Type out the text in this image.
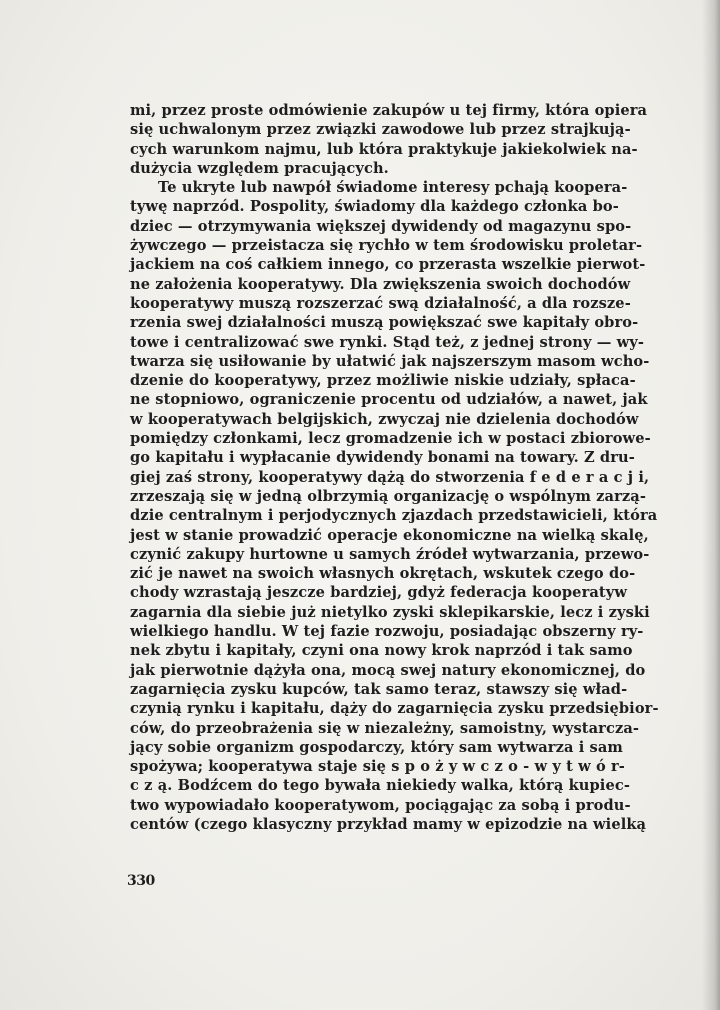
mi, przez proste odmówienie zakupów u tej firmy, która opiera
się uchwalonym przez związki zawodowe lub przez strajkują-
cych warunkom najmu, lub która praktykuje jakiekolwiek na-
dużycia względem pracujących.
Te ukryte lub nawpół świadome interesy pchają koopera-
tywę naprzód. Pospolity, świadomy dla każdego członka bo-
dziec — otrzymywania większej dywidendy od magazynu spo-
żywczego — przeistacza się rychło w tem środowisku proletar-
jackiem na coś całkiem innego, co przerasta wszelkie pierwot-
ne założenia kooperatywy. Dla zwiększenia swoich dochodów
kooperatywy muszą rozszerzać swą działalność, a dla rozsze-
rzenia swej działalności muszą powiększać swe kapitały obro-
towe i centralizować swe rynki. Stąd też, z jednej strony — wy-
twarza się usiłowanie by ułatwić jak najszerszym masom wcho-
dzenie do kooperatywy, przez możliwie niskie udziały, spłaca-
ne stopniowo, ograniczenie procentu od udziałów, a nawet, jak
w kooperatywach belgijskich, zwyczaj nie dzielenia dochodów
pomiędzy członkami, lecz gromadzenie ich w postaci zbiorowe-
go kapitału i wypłacanie dywidendy bonami na towary. Z dru-
giej zaś strony, kooperatywy dążą do stworzenia f e d e r a c j i,
zrzeszają się w jedną olbrzymią organizację o wspólnym zarzą-
dzie centralnym i perjodycznych zjazdach przedstawicieli, która
jest w stanie prowadzić operacje ekonomiczne na wielką skalę,
czynić zakupy hurtowne u samych źródeł wytwarzania, przewo-
zić je nawet na swoich własnych okrętach, wskutek czego do-
chody wzrastają jeszcze bardziej, gdyż federacja kooperatyw
zagarnia dla siebie już nietylko zyski sklepikarskie, lecz i zyski
wielkiego handlu. W tej fazie rozwoju, posiadając obszerny ry-
nek zbytu i kapitały, czyni ona nowy krok naprzód i tak samo
jak pierwotnie dążyła ona, mocą swej natury ekonomicznej, do
zagarnięcia zysku kupców, tak samo teraz, stawszy się wład-
czynią rynku i kapitału, dąży do zagarnięcia zysku przedsiębior-
ców, do przeobrażenia się w niezależny, samoistny, wystarcza-
jący sobie organizm gospodarczy, który sam wytwarza i sam
spożywa; kooperatywa staje się s p o ż y w c z o - w y t w ó r-
c z ą. Bodźcem do tego bywała niekiedy walka, którą kupiec-
two wypowiadało kooperatywom, pociągając za sobą i produ-
centów (czego klasyczny przykład mamy w epizodzie na wielką
330
